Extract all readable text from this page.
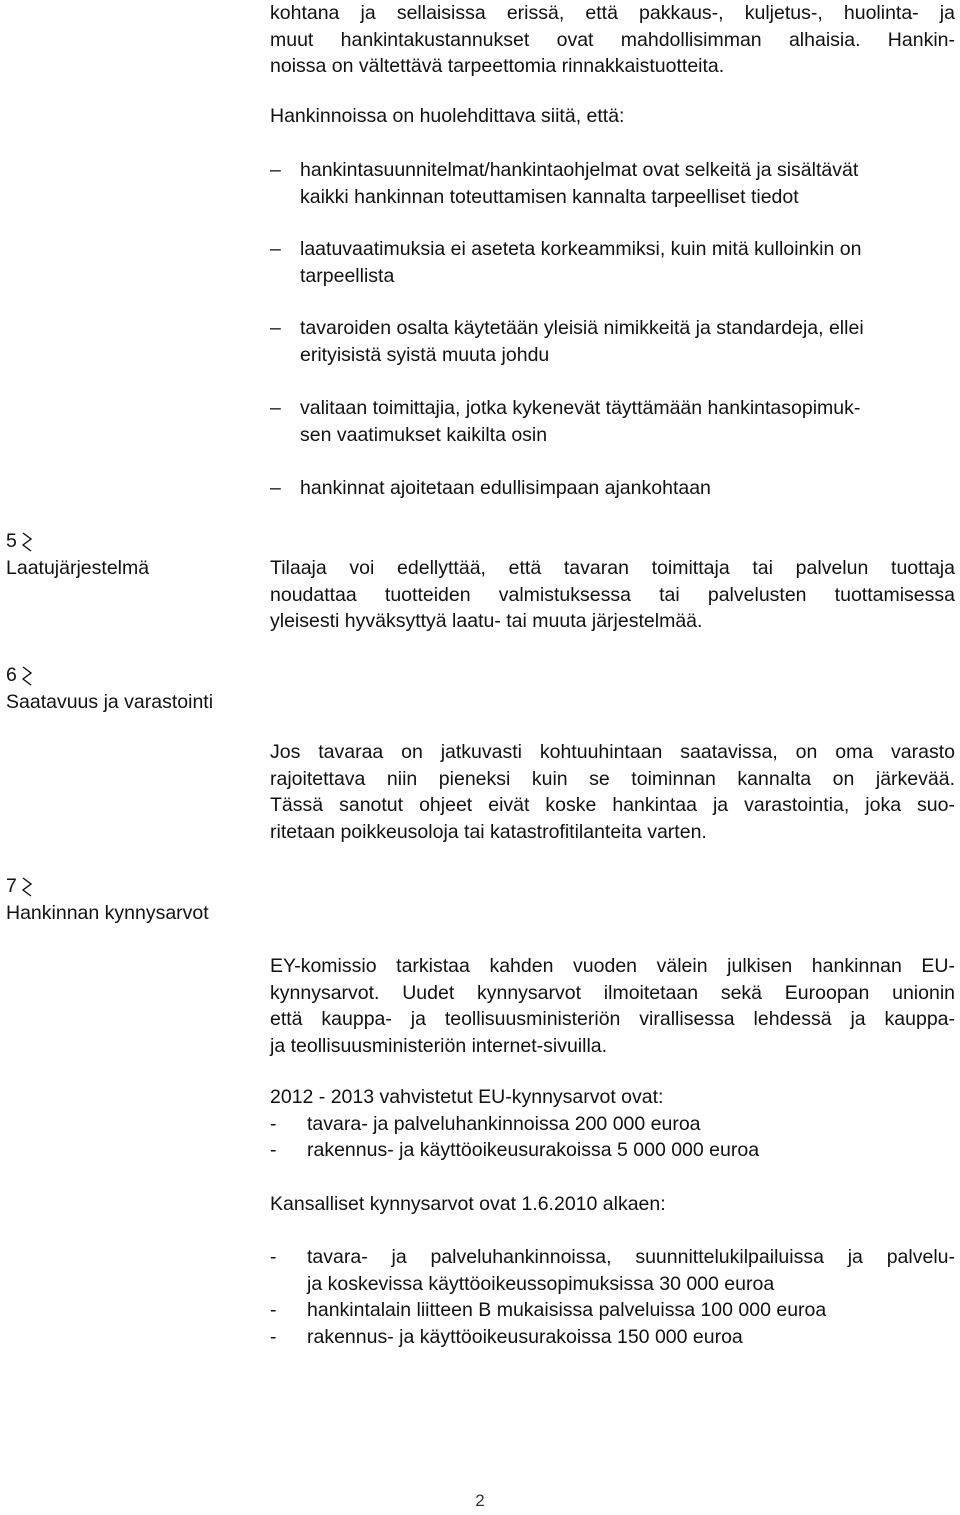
kohtana ja sellaisissa erissä, että pakkaus-, kuljetus-, huolinta- ja
muut hankintakustannukset ovat mahdollisimman alhaisia. Hankin-
noissa on vältettävä tarpeettomia rinnakkaistuotteita.
Hankinnoissa on huolehdittava siitä, että:
– hankintasuunnitelmat/hankintaohjelmat ovat selkeitä ja sisältävät
kaikki hankinnan toteuttamisen kannalta tarpeelliset tiedot
– laatuvaatimuksia ei aseteta korkeammiksi, kuin mitä kulloinkin on
tarpeellista
– tavaroiden osalta käytetään yleisiä nimikkeitä ja standardeja, ellei
erityisistä syistä muuta johdu
– valitaan toimittajia, jotka kykenevät täyttämään hankintasopimuk-
sen vaatimukset kaikilta osin
– hankinnat ajoitetaan edullisimpaan ajankohtaan
5
Laatujärjestelmä	Tilaaja voi edellyttää, että tavaran toimittaja tai palvelun tuottaja
noudattaa tuotteiden valmistuksessa tai palvelusten tuottamisessa
yleisesti hyväksyttyä laatu- tai muuta järjestelmää.
6
Saatavuus ja varastointi
Jos tavaraa on jatkuvasti kohtuuhintaan saatavissa, on oma varasto
rajoitettava niin pieneksi kuin se toiminnan kannalta on järkevää.
Tässä sanotut ohjeet eivät koske hankintaa ja varastointia, joka suo-
ritetaan poikkeusoloja tai katastrofitilanteita varten.
7
Hankinnan kynnysarvot
EY-komissio tarkistaa kahden vuoden välein julkisen hankinnan EU-
kynnysarvot. Uudet kynnysarvot ilmoitetaan sekä Euroopan unionin
että kauppa- ja teollisuusministeriön virallisessa lehdessä ja kauppa-
ja teollisuusministeriön internet-sivuilla.
2012 - 2013 vahvistetut EU-kynnysarvot ovat:
- tavara- ja palveluhankinnoissa 200 000 euroa
- rakennus- ja käyttöoikeusurakoissa 5 000 000 euroa
Kansalliset kynnysarvot ovat 1.6.2010 alkaen:
- tavara- ja palveluhankinnoissa, suunnittelukilpailuissa ja palvelu-
ja koskevissa käyttöoikeussopimuksissa 30 000 euroa
- hankintalain liitteen B mukaisissa palveluissa 100 000 euroa
- rakennus- ja käyttöoikeusurakoissa 150 000 euroa
2
